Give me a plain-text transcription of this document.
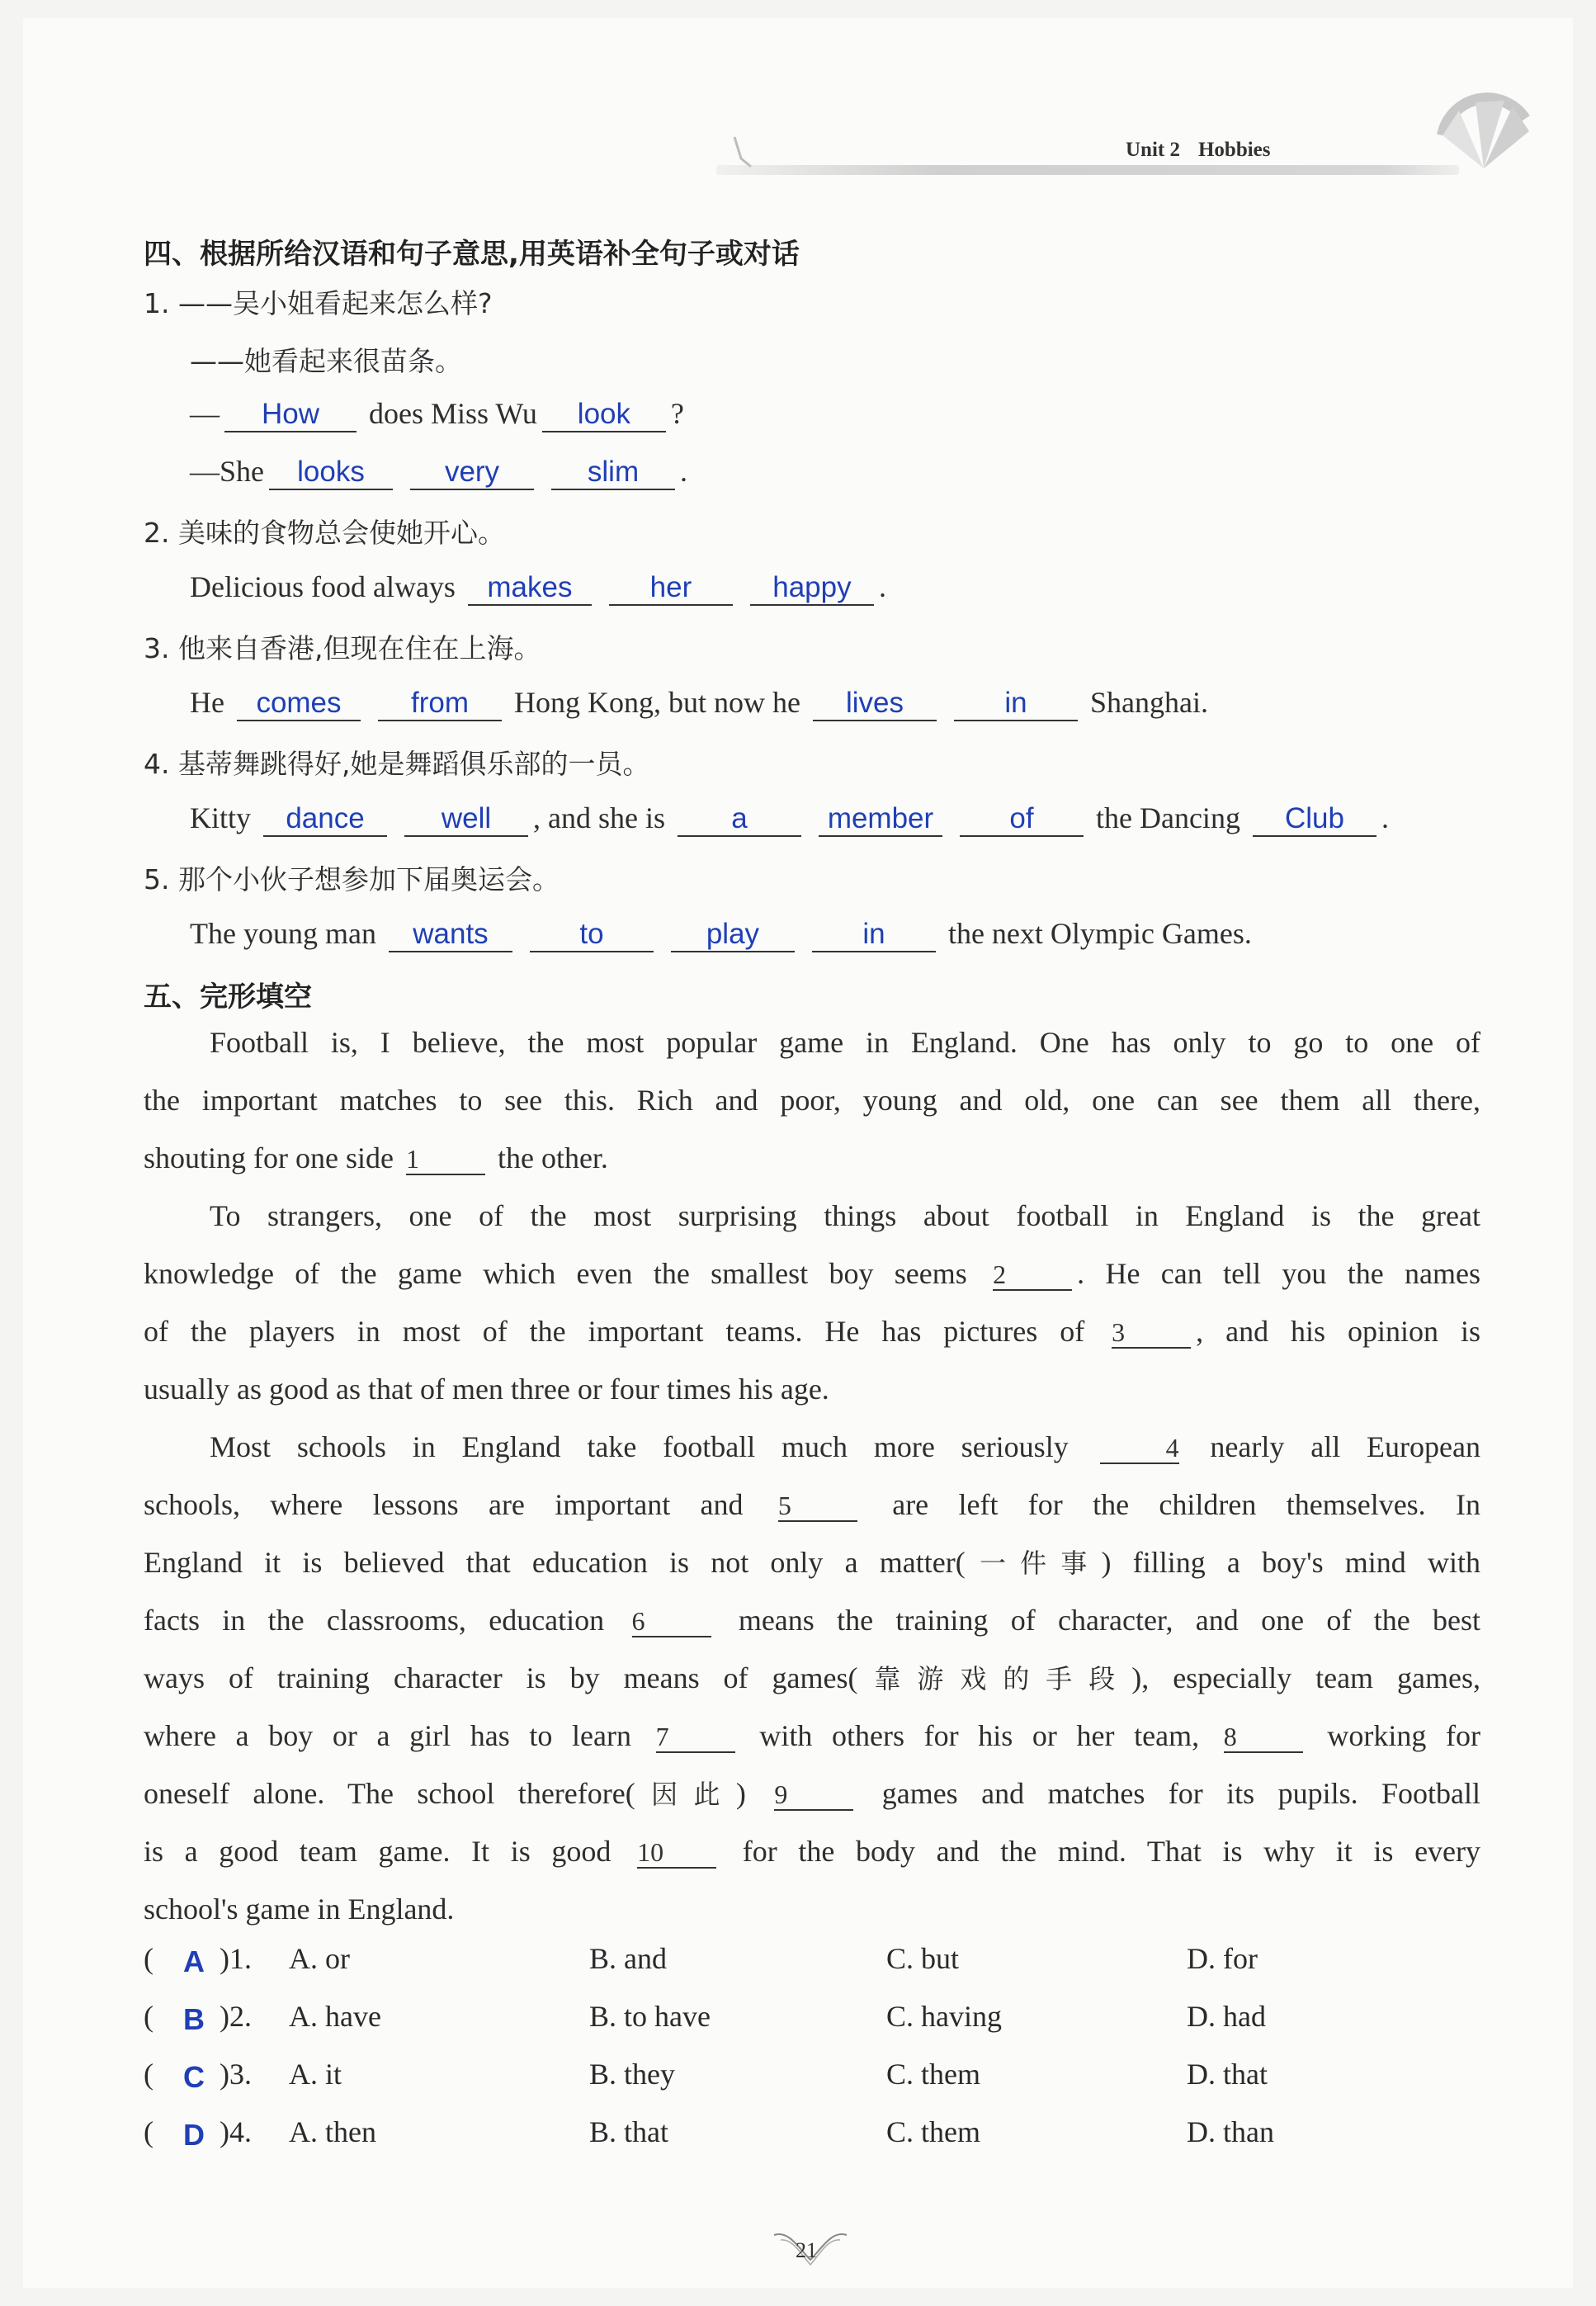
Unit 2 Hobbies
四、根据所给汉语和句子意思,用英语补全句子或对话
1. ——吴小姐看起来怎么样?
——她看起来很苗条。
— How does Miss Wu look ?
—She looks	very	slim .
2. 美味的食物总会使她开心。
Delicious food always makes	her	happy .
3. 他来自香港,但现在住在上海。
He comes from Hong Kong, but now he lives	in Shanghai.
4. 基蒂舞跳得好,她是舞蹈俱乐部的一员。
Kitty dance	well , and she is a	member	of the Dancing Club .
5. 那个小伙子想参加下届奥运会。
The young man wants	to	play	in the next Olympic Games.
五、完形填空
Football is, I believe, the most popular game in England. One has only to go to one of
the important matches to see this. Rich and poor, young and old, one can see them all there,
shouting for one side 1	the other.
To strangers, one of the most surprising things about football in England is the great
knowledge of the game which even the smallest boy seems 2 . He can tell you the names
of the players in most of the important teams. He has pictures of 3 , and his opinion is
usually as good as that of men three or four times his age.
Most schools in England take football much more seriously	4 nearly all European
schools, where lessons are important and 5	are left for the children themselves. In
England it is believed that education is not only a matter(一件事) filling a boy's mind with
facts in the classrooms, education 6	means the training of character, and one of the best
ways of training character is by means of games(靠游戏的手段), especially team games,
where a boy or a girl has to learn 7	with others for his or her team, 8	working for
oneself alone. The school therefore(因此) 9	games and matches for its pupils. Football
is a good team game. It is good 10	for the body and the mind. That is why it is every
school's game in England.
( A )1. A. or	B. and	C. but	D. for
( B )2. A. have	B. to have	C. having	D. had
( C )3. A. it	B. they	C. them	D. that
( D )4. A. then	B. that	C. them	D. than
21
